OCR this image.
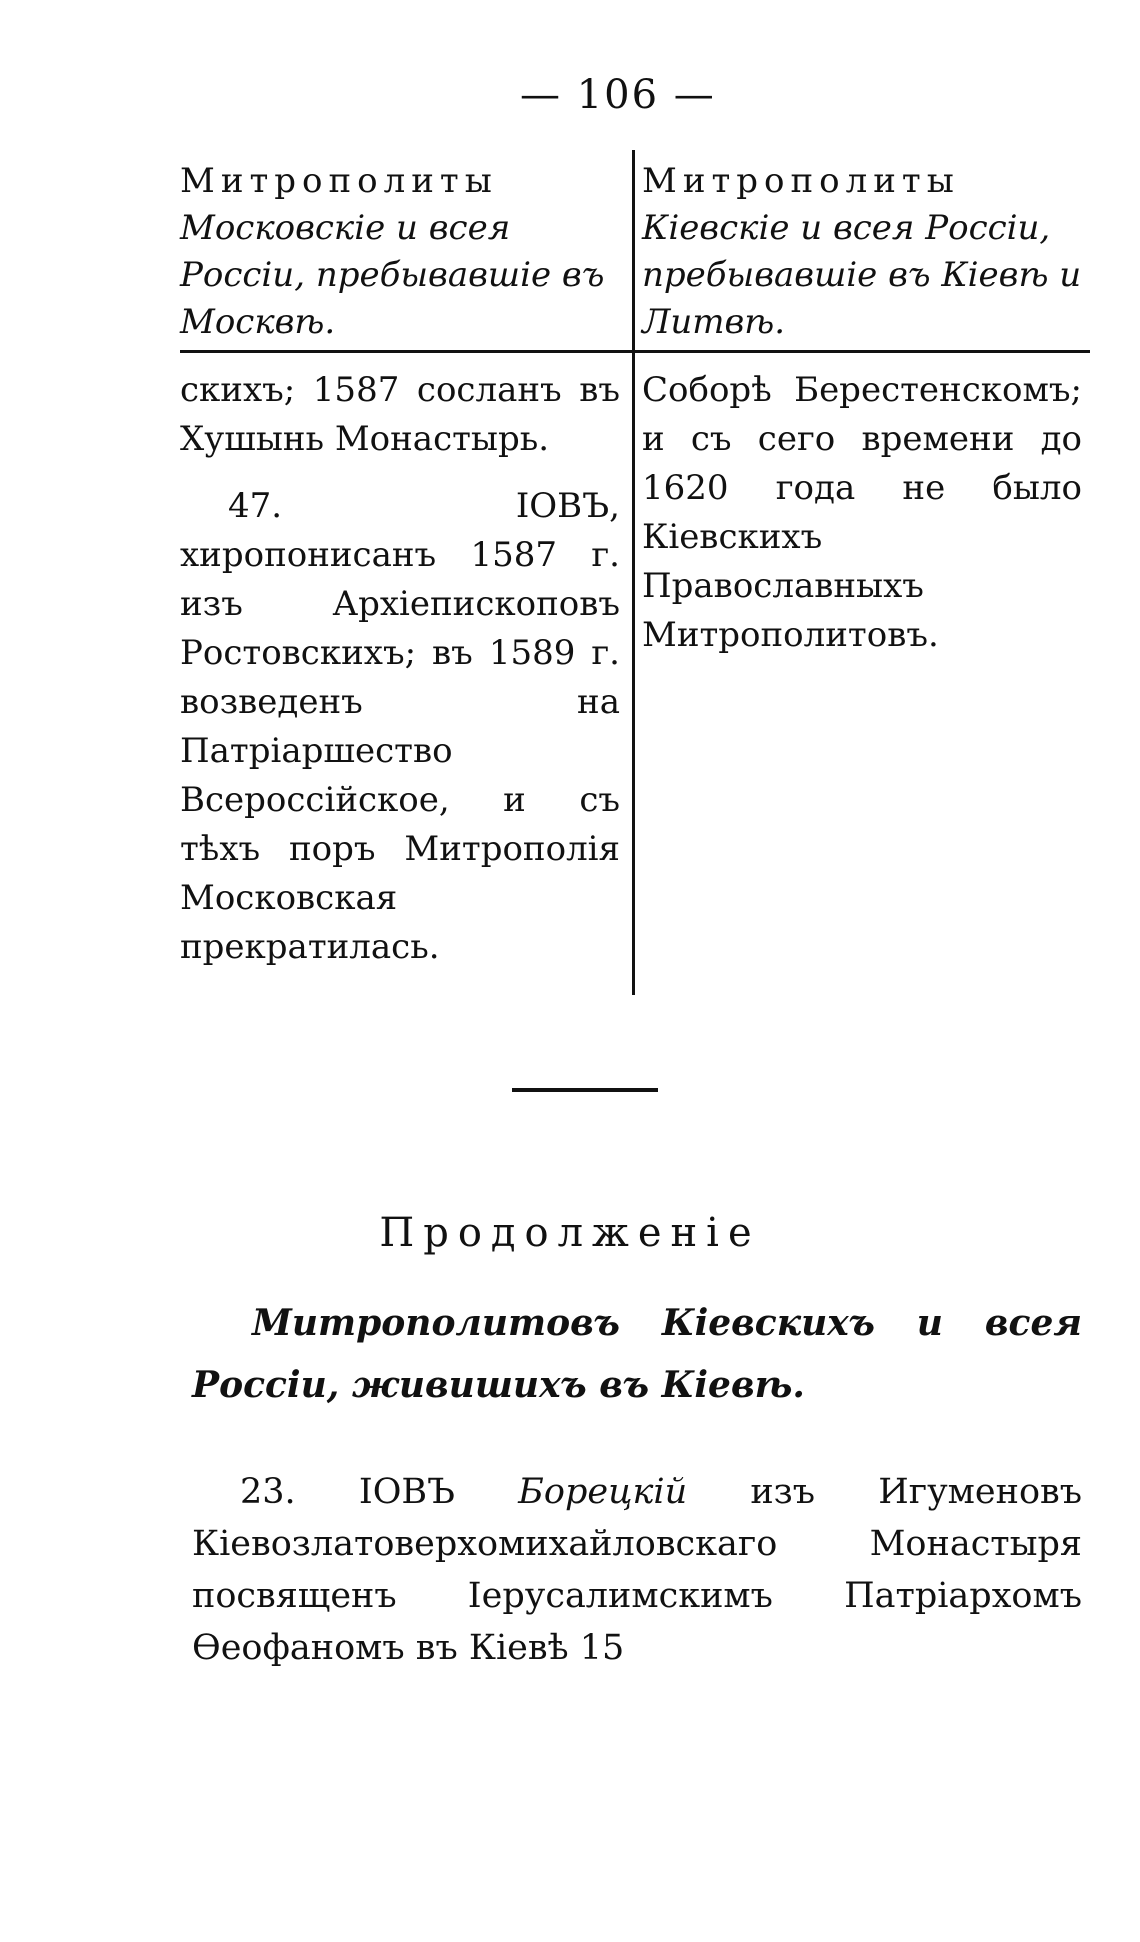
— 106 —
Митрополиты
Московскіе и всея Россіи, пребывавшіе въ Москвѣ.
Митрополиты
Кіевскіе и всея Россіи, пребывавшіе въ Кіевѣ и Литвѣ.

скихъ; 1587 сосланъ въ Хушынь Монастырь.

47. ІОВЪ, хиропонисанъ 1587 г. изъ Архіепископовъ Ростовскихъ; въ 1589 г. возведенъ на Патріаршество Всероссійское, и съ тѣхъ поръ Митрополія Московская прекратилась.

Соборѣ Берестенскомъ; и съ сего времени до 1620 года не было Кіевскихъ Православныхъ Митрополитовъ.

Продолженіе
Митрополитовъ Кіевскихъ и всея Россіи, живишихъ въ Кіевѣ.
23. ІОВЪ Борецкій изъ Игуменовъ Кіевозлатоверхомихайловскаго Монастыря посвященъ Іерусалимскимъ Патріархомъ Ѳеофаномъ въ Кіевѣ 15
